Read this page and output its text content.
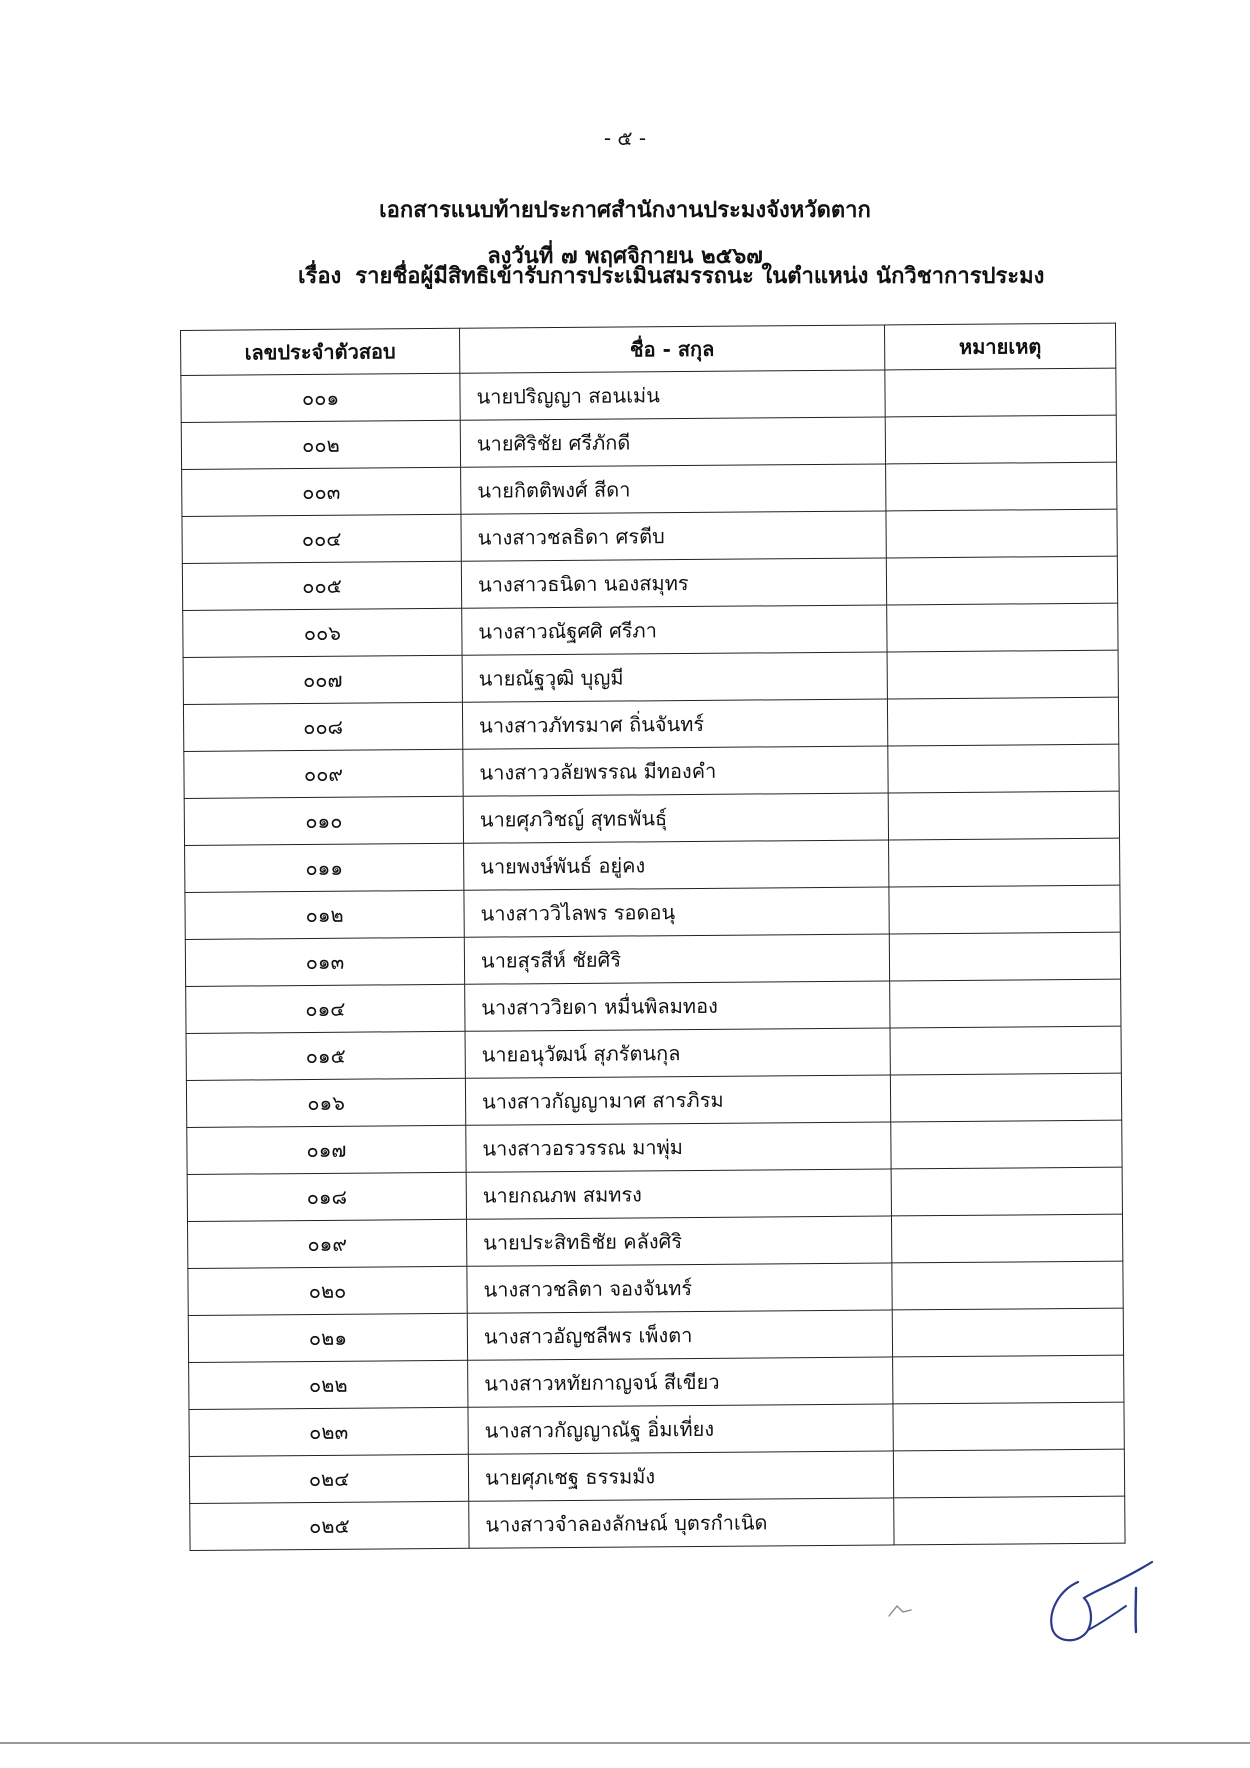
- ๕ -
เอกสารแนบท้ายประกาศสำนักงานประมงจังหวัดตาก
ลงวันที่ ๗ พฤศจิกายน ๒๕๖๗
เรื่อง รายชื่อผู้มีสิทธิเข้ารับการประเมินสมรรถนะ ในตำแหน่ง นักวิชาการประมง
เลขประจำตัวสอบ	ชื่อ - สกุล	หมายเหตุ
๐๐๑	นายปริญญา สอนเม่น	
๐๐๒	นายศิริชัย ศรีภักดี	
๐๐๓	นายกิตติพงศ์ สีดา	
๐๐๔	นางสาวชลธิดา ศรตีบ	
๐๐๕	นางสาวธนิดา นองสมุทร	
๐๐๖	นางสาวณัฐศศิ ศรีภา	
๐๐๗	นายณัฐวุฒิ บุญมี	
๐๐๘	นางสาวภัทรมาศ ถิ่นจันทร์	
๐๐๙	นางสาววลัยพรรณ มีทองคำ	
๐๑๐	นายศุภวิชญ์ สุทธพันธุ์	
๐๑๑	นายพงษ์พันธ์ อยู่คง	
๐๑๒	นางสาววิไลพร รอดอนุ	
๐๑๓	นายสุรสีห์ ชัยศิริ	
๐๑๔	นางสาววิยดา หมื่นพิลมทอง	
๐๑๕	นายอนุวัฒน์ สุภรัตนกุล	
๐๑๖	นางสาวกัญญามาศ สารภิรม	
๐๑๗	นางสาวอรวรรณ มาพุ่ม	
๐๑๘	นายกณภพ สมทรง	
๐๑๙	นายประสิทธิชัย คลังศิริ	
๐๒๐	นางสาวชลิตา จองจันทร์	
๐๒๑	นางสาวอัญชลีพร เพ็งตา	
๐๒๒	นางสาวหทัยกาญจน์ สีเขียว	
๐๒๓	นางสาวกัญญาณัฐ อิ่มเที่ยง	
๐๒๔	นายศุภเชฐ ธรรมมัง	
๐๒๕	นางสาวจำลองลักษณ์ บุตรกำเนิด	
